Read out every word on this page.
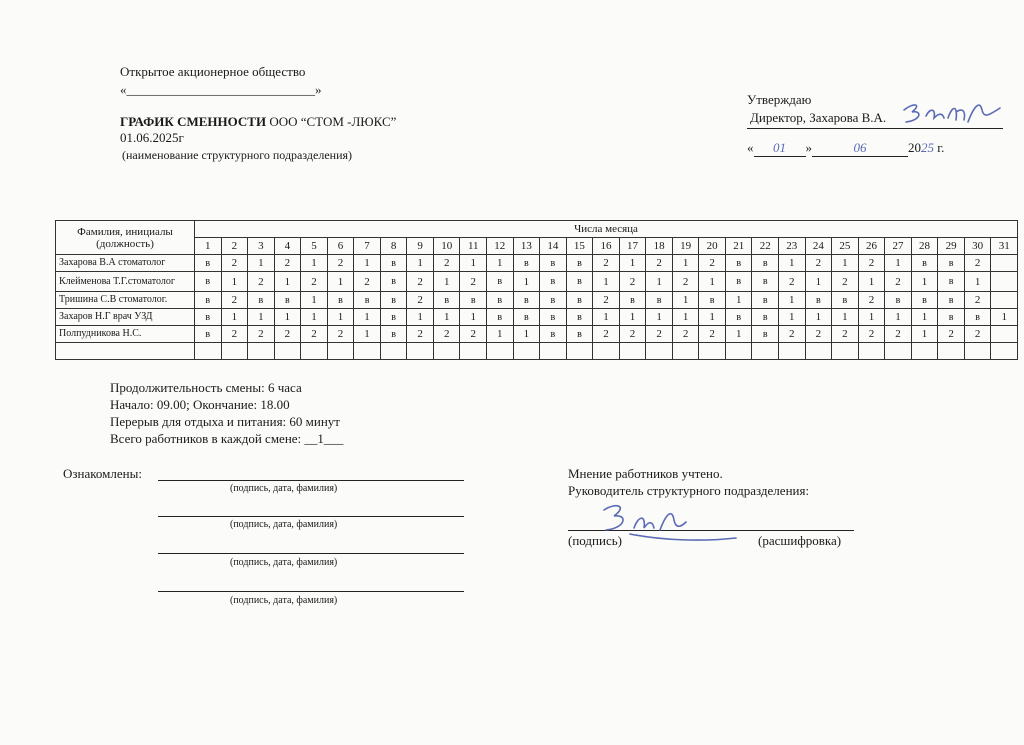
Открытое акционерное общество
«_____________________________»
ГРАФИК СМЕННОСТИ ООО “СТОМ -ЛЮКС”
01.06.2025г
(наименование структурного подразделения)
Утверждаю
Директор, Захарова В.А.
« 01 »	06	2025 г.
Фамилия, инициалы (должность)	Числа месяца																														
	1	2	3	4	5	6	7	8	9	10	11	12	13	14	15	16	17	18	19	20	21	22	23	24	25	26	27	28	29	30	31
Захарова В.А стоматолог	в	2	1	2	1	2	1	в	1	2	1	1	в	в	в	2	1	2	1	2	в	в	1	2	1	2	1	в	в	2	
Клейменова Т.Г.стоматолог	в	1	2	1	2	1	2	в	2	1	2	в	1	в	в	1	2	1	2	1	в	в	2	1	2	1	2	1	в	1	
Тришина С.В стоматолог.	в	2	в	в	1	в	в	в	2	в	в	в	в	в	в	2	в	в	1	в	1	в	1	в	в	2	в	в	в	2	
Захаров Н.Г врач УЗД	в	1	1	1	1	1	1	в	1	1	1	в	в	в	в	1	1	1	1	1	в	в	1	1	1	1	1	1	в	в	1
Полпудникова Н.С.	в	2	2	2	2	2	1	в	2	2	2	1	1	в	в	2	2	2	2	2	1	в	2	2	2	2	2	1	2	2	

Продолжительность смены: 6 часа
Начало: 09.00; Окончание: 18.00
Перерыв для отдыха и питания: 60 минут
Всего работников в каждой смене: __1___
Ознакомлены:
(подпись, дата, фамилия)
(подпись, дата, фамилия)
(подпись, дата, фамилия)
(подпись, дата, фамилия)
Мнение работников учтено.
Руководитель структурного подразделения:
(подпись)	(расшифровка)
